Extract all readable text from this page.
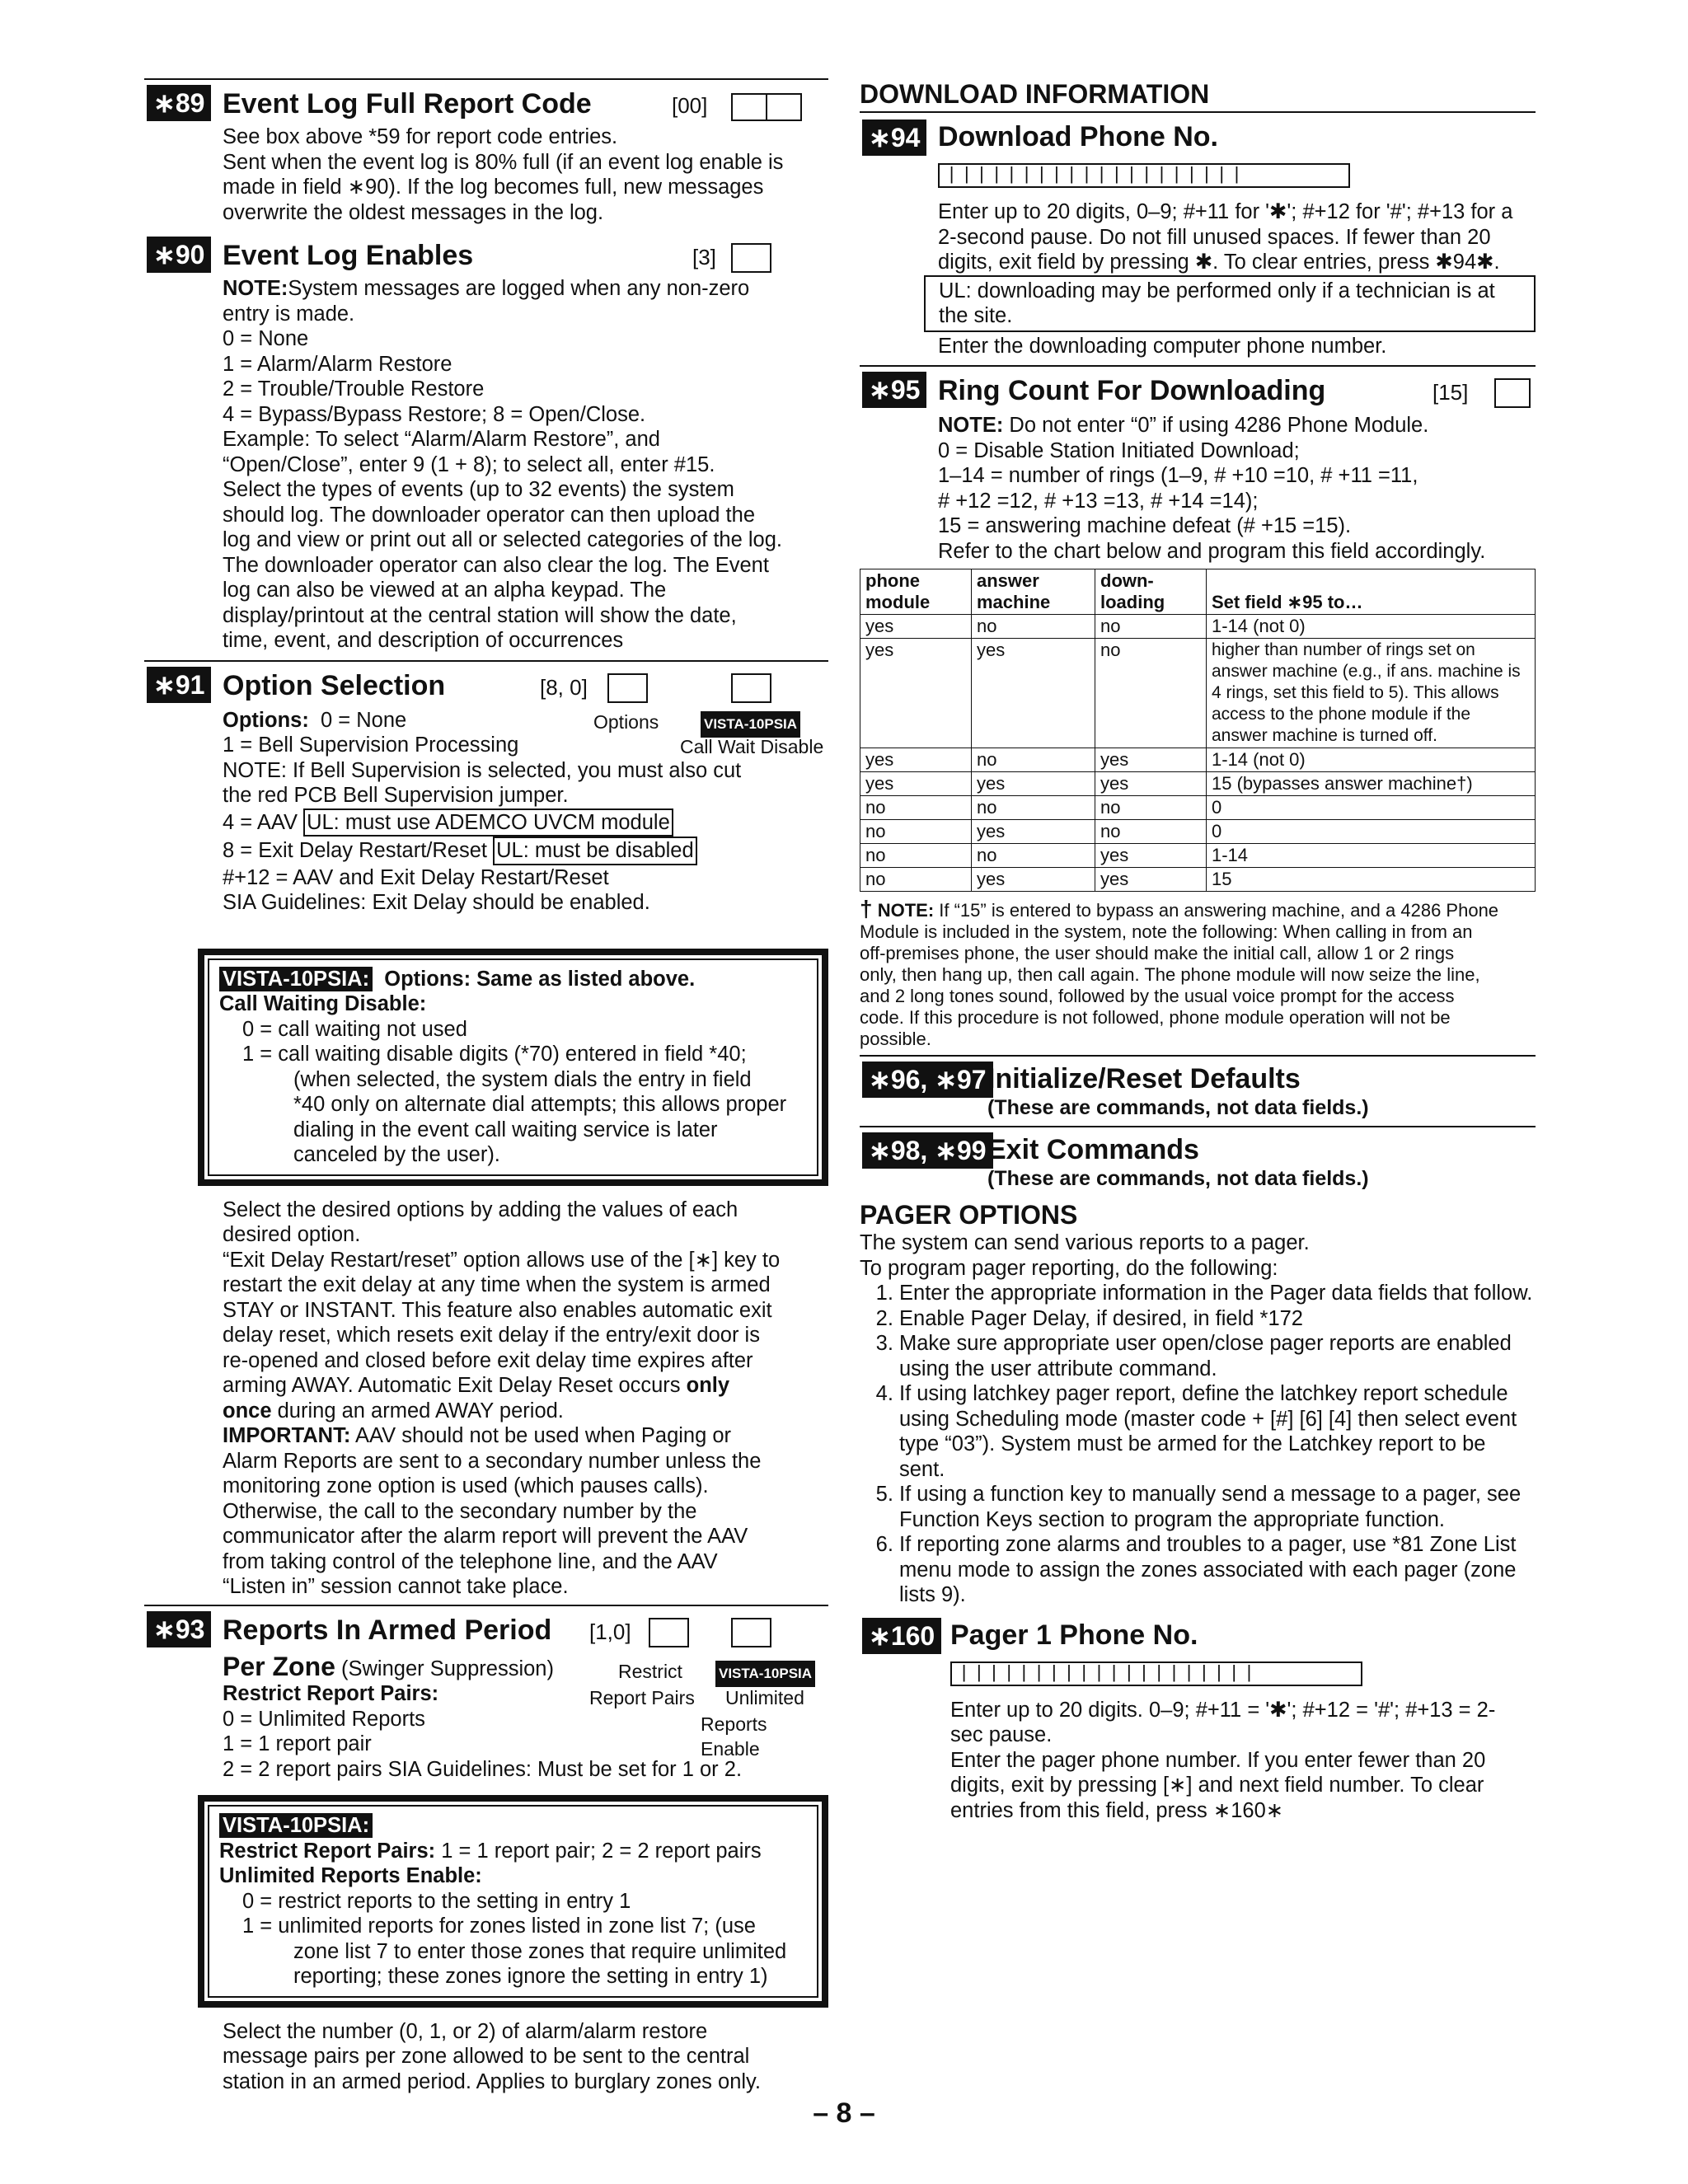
∗89 Event Log Full Report Code	[00]

See box above *59 for report code entries.

Sent when the event log is 80% full (if an event log enable is

made in field ∗90). If the log becomes full, new messages

overwrite the oldest messages in the log.

∗90 Event Log Enables	[3]

NOTE:System messages are logged when any non-zero

entry is made.

0 = None

1 = Alarm/Alarm Restore

2 = Trouble/Trouble Restore

4 = Bypass/Bypass Restore; 8 = Open/Close.

Example: To select “Alarm/Alarm Restore”, and

“Open/Close”, enter 9 (1 + 8); to select all, enter #15.

Select the types of events (up to 32 events) the system

should log. The downloader operator can then upload the

log and view or print out all or selected categories of the log.

The downloader operator can also clear the log. The Event

log can also be viewed at an alpha keypad. The

display/printout at the central station will show the date,

time, event, and description of occurrences

∗91 Option Selection	[8, 0]

Options: 0 = None	Options	VISTA-10PSIA

1 = Bell Supervision Processing	Call Wait Disable

NOTE: If Bell Supervision is selected, you must also cut

the red PCB Bell Supervision jumper.

4 = AAV UL: must use ADEMCO UVCM module

8 = Exit Delay Restart/Reset UL: must be disabled

#+12 = AAV and Exit Delay Restart/Reset

SIA Guidelines: Exit Delay should be enabled.

VISTA-10PSIA: Options: Same as listed above.

Call Waiting Disable:

0 = call waiting not used

1 = call waiting disable digits (*70) entered in field *40;

(when selected, the system dials the entry in field

*40 only on alternate dial attempts; this allows proper

dialing in the event call waiting service is later

canceled by the user).

Select the desired options by adding the values of each

desired option.

“Exit Delay Restart/reset” option allows use of the [∗] key to

restart the exit delay at any time when the system is armed

STAY or INSTANT. This feature also enables automatic exit

delay reset, which resets exit delay if the entry/exit door is

re-opened and closed before exit delay time expires after

arming AWAY. Automatic Exit Delay Reset occurs only

once during an armed AWAY period.

IMPORTANT: AAV should not be used when Paging or

Alarm Reports are sent to a secondary number unless the

monitoring zone option is used (which pauses calls).

Otherwise, the call to the secondary number by the

communicator after the alarm report will prevent the AAV

from taking control of the telephone line, and the AAV

“Listen in” session cannot take place.

∗93 Reports In Armed Period [1,0]

Per Zone (Swinger Suppression)	Restrict	VISTA-10PSIA

Restrict Report Pairs:	Report Pairs Unlimited

0 = Unlimited Reports	Reports Enable

1 = 1 report pair

2 = 2 report pairs SIA Guidelines: Must be set for 1 or 2.

VISTA-10PSIA:

Restrict Report Pairs: 1 = 1 report pair; 2 = 2 report pairs

Unlimited Reports Enable:

0 = restrict reports to the setting in entry 1

1 = unlimited reports for zones listed in zone list 7; (use

zone list 7 to enter those zones that require unlimited

reporting; these zones ignore the setting in entry 1)

Select the number (0, 1, or 2) of alarm/alarm restore

message pairs per zone allowed to be sent to the central

station in an armed period. Applies to burglary zones only.

DOWNLOAD INFORMATION
∗94 Download Phone No.
||||||||||||||||||||

Enter up to 20 digits, 0–9; #+11 for '✱'; #+12 for '#'; #+13 for a

2-second pause. Do not fill unused spaces. If fewer than 20

digits, exit field by pressing ✱. To clear entries, press ✱94✱.

UL: downloading may be performed only if a technician is at

the site.

Enter the downloading computer phone number.

∗95 Ring Count For Downloading	[15]

NOTE: Do not enter “0” if using 4286 Phone Module.

0 = Disable Station Initiated Download;

1–14 = number of rings (1–9, # +10 =10, # +11 =11,

# +12 =12, # +13 =13, # +14 =14);

15 = answering machine defeat (# +15 =15).

Refer to the chart below and program this field accordingly.

phone module	answer machine	down- loading	Set field ∗95 to…
yes	no	no	1-14 (not 0)
yes	yes	no	higher than number of rings set on answer machine (e.g., if ans. machine is 4 rings, set this field to 5). This allows access to the phone module if the answer machine is turned off.
yes	no	yes	1-14 (not 0)
yes	yes	yes	15 (bypasses answer machine†)
no	no	no	0
no	yes	no	0
no	no	yes	1-14
no	yes	yes	15
† NOTE: If “15” is entered to bypass an answering machine, and a 4286 Phone
Module is included in the system, note the following: When calling in from an
off-premises phone, the user should make the initial call, allow 1 or 2 rings
only, then hang up, then call again. The phone module will now seize the line,
and 2 long tones sound, followed by the usual voice prompt for the access
code. If this procedure is not followed, phone module operation will not be
possible.
∗96, ∗97 Initialize/Reset Defaults
(These are commands, not data fields.)
∗98, ∗99 Exit Commands
(These are commands, not data fields.)
PAGER OPTIONS
The system can send various reports to a pager.
To program pager reporting, do the following:
1. Enter the appropriate information in the Pager data fields that follow.
2. Enable Pager Delay, if desired, in field *172
3. Make sure appropriate user open/close pager reports are enabled using the user attribute command.
4. If using latchkey pager report, define the latchkey report schedule using Scheduling mode (master code + [#] [6] [4] then select event type “03”). System must be armed for the Latchkey report to be sent.
5. If using a function key to manually send a message to a pager, see Function Keys section to program the appropriate function.
6. If reporting zone alarms and troubles to a pager, use *81 Zone List menu mode to assign the zones associated with each pager (zone lists 9).
∗160 Pager 1 Phone No.
||||||||||||||||||||

Enter up to 20 digits. 0–9; #+11 = '✱'; #+12 = '#'; #+13 = 2-

sec pause.

Enter the pager phone number. If you enter fewer than 20

digits, exit by pressing [∗] and next field number. To clear

entries from this field, press ∗160∗

– 8 –
